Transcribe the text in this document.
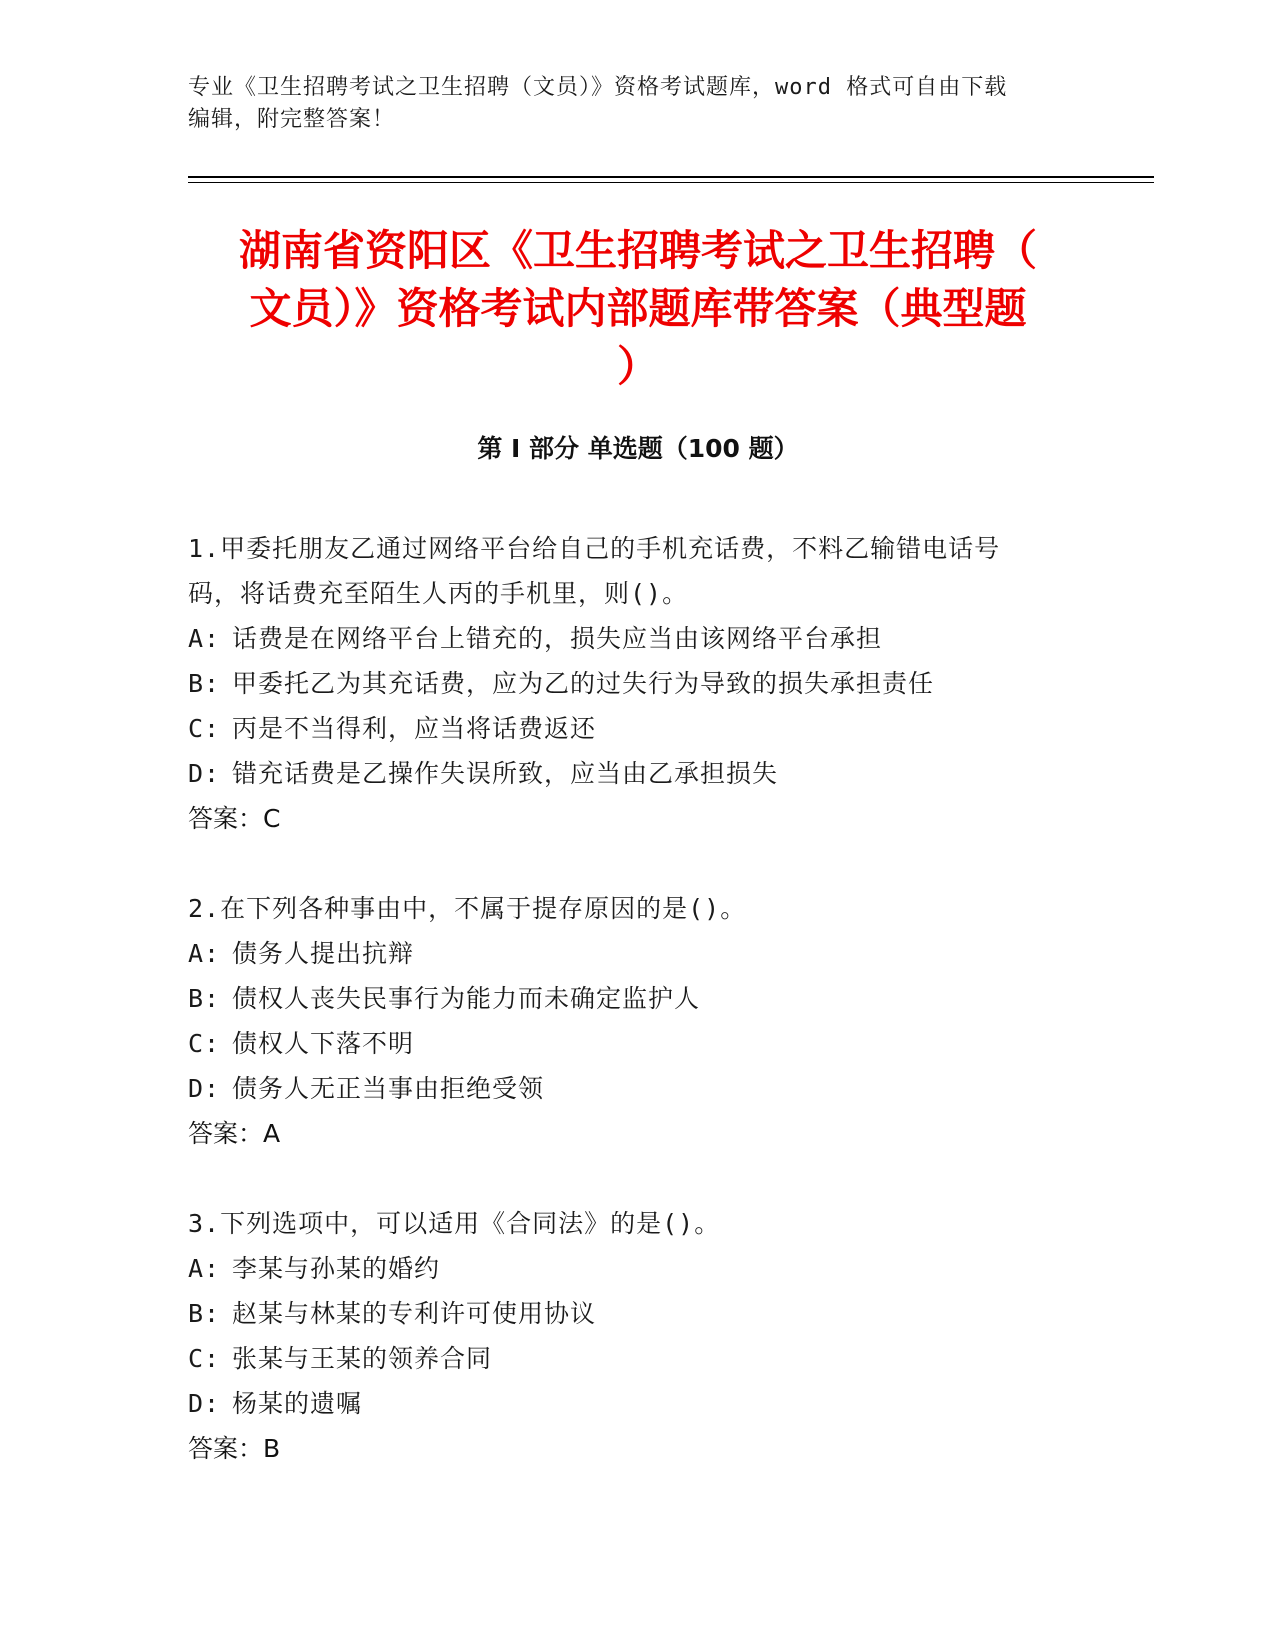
专业《卫生招聘考试之卫生招聘（文员）》资格考试题库，word 格式可自由下载
编辑，附完整答案！
湖南省资阳区《卫生招聘考试之卫生招聘（
文员）》资格考试内部题库带答案（典型题
）
第 I 部分 单选题（100 题）
1.甲委托朋友乙通过网络平台给自己的手机充话费，不料乙输错电话号码，将话费充至陌生人丙的手机里，则()。
A: 话费是在网络平台上错充的，损失应当由该网络平台承担
B: 甲委托乙为其充话费，应为乙的过失行为导致的损失承担责任
C: 丙是不当得利，应当将话费返还
D: 错充话费是乙操作失误所致，应当由乙承担损失
答案：C
2.在下列各种事由中，不属于提存原因的是()。
A: 债务人提出抗辩
B: 债权人丧失民事行为能力而未确定监护人
C: 债权人下落不明
D: 债务人无正当事由拒绝受领
答案：A
3.下列选项中，可以适用《合同法》的是()。
A: 李某与孙某的婚约
B: 赵某与林某的专利许可使用协议
C: 张某与王某的领养合同
D: 杨某的遗嘱
答案：B
